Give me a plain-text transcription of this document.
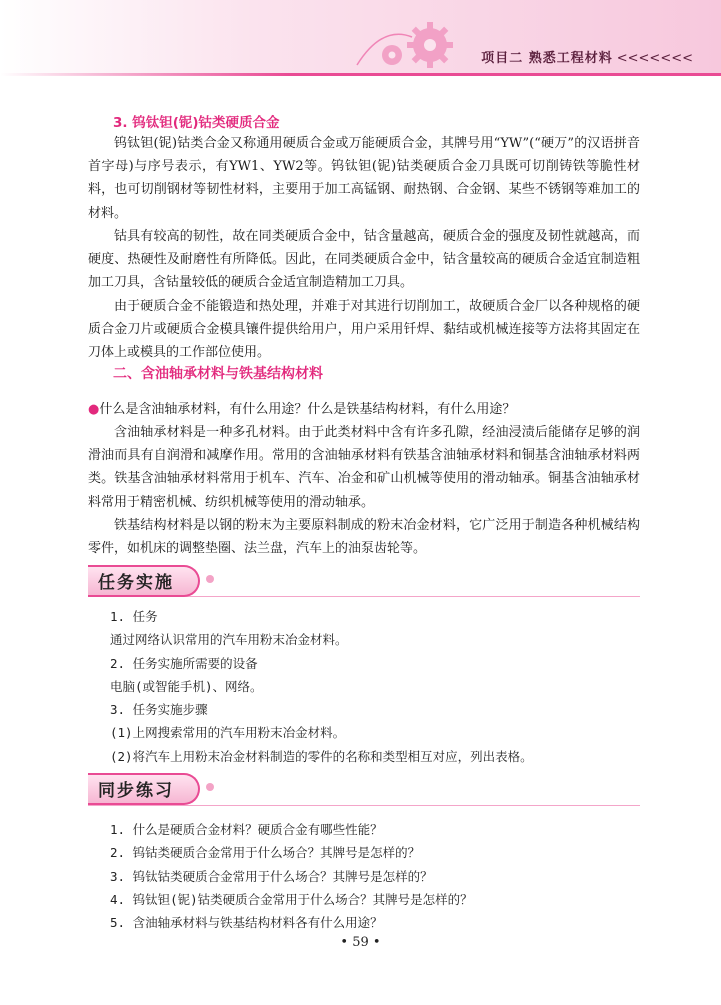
项目二 熟悉工程材料 <<<<<<<
3. 钨钛钽(铌)钴类硬质合金
钨钛钽(铌)钴类合金又称通用硬质合金或万能硬质合金，其牌号用“YW”(“硬万”的汉语拼音首字母)与序号表示，有YW1、YW2等。钨钛钽(铌)钴类硬质合金刀具既可切削铸铁等脆性材料，也可切削钢材等韧性材料，主要用于加工高锰钢、耐热钢、合金钢、某些不锈钢等难加工的材料。
钴具有较高的韧性，故在同类硬质合金中，钴含量越高，硬质合金的强度及韧性就越高，而硬度、热硬性及耐磨性有所降低。因此，在同类硬质合金中，钴含量较高的硬质合金适宜制造粗加工刀具，含钴量较低的硬质合金适宜制造精加工刀具。
由于硬质合金不能锻造和热处理，并难于对其进行切削加工，故硬质合金厂以各种规格的硬质合金刀片或硬质合金模具镶件提供给用户，用户采用钎焊、黏结或机械连接等方法将其固定在刀体上或模具的工作部位使用。
二、含油轴承材料与铁基结构材料
●什么是含油轴承材料，有什么用途？什么是铁基结构材料，有什么用途？
含油轴承材料是一种多孔材料。由于此类材料中含有许多孔隙，经油浸渍后能储存足够的润滑油而具有自润滑和减摩作用。常用的含油轴承材料有铁基含油轴承材料和铜基含油轴承材料两类。铁基含油轴承材料常用于机车、汽车、冶金和矿山机械等使用的滑动轴承。铜基含油轴承材料常用于精密机械、纺织机械等使用的滑动轴承。
铁基结构材料是以钢的粉末为主要原料制成的粉末冶金材料，它广泛用于制造各种机械结构零件，如机床的调整垫圈、法兰盘，汽车上的油泵齿轮等。
任务实施
1. 任务
通过网络认识常用的汽车用粉末冶金材料。
2. 任务实施所需要的设备
电脑(或智能手机)、网络。
3. 任务实施步骤
(1)上网搜索常用的汽车用粉末冶金材料。
(2)将汽车上用粉末冶金材料制造的零件的名称和类型相互对应，列出表格。
同步练习
1. 什么是硬质合金材料？硬质合金有哪些性能？
2. 钨钴类硬质合金常用于什么场合？其牌号是怎样的？
3. 钨钛钴类硬质合金常用于什么场合？其牌号是怎样的？
4. 钨钛钽(铌)钴类硬质合金常用于什么场合？其牌号是怎样的？
5. 含油轴承材料与铁基结构材料各有什么用途？
• 59 •
